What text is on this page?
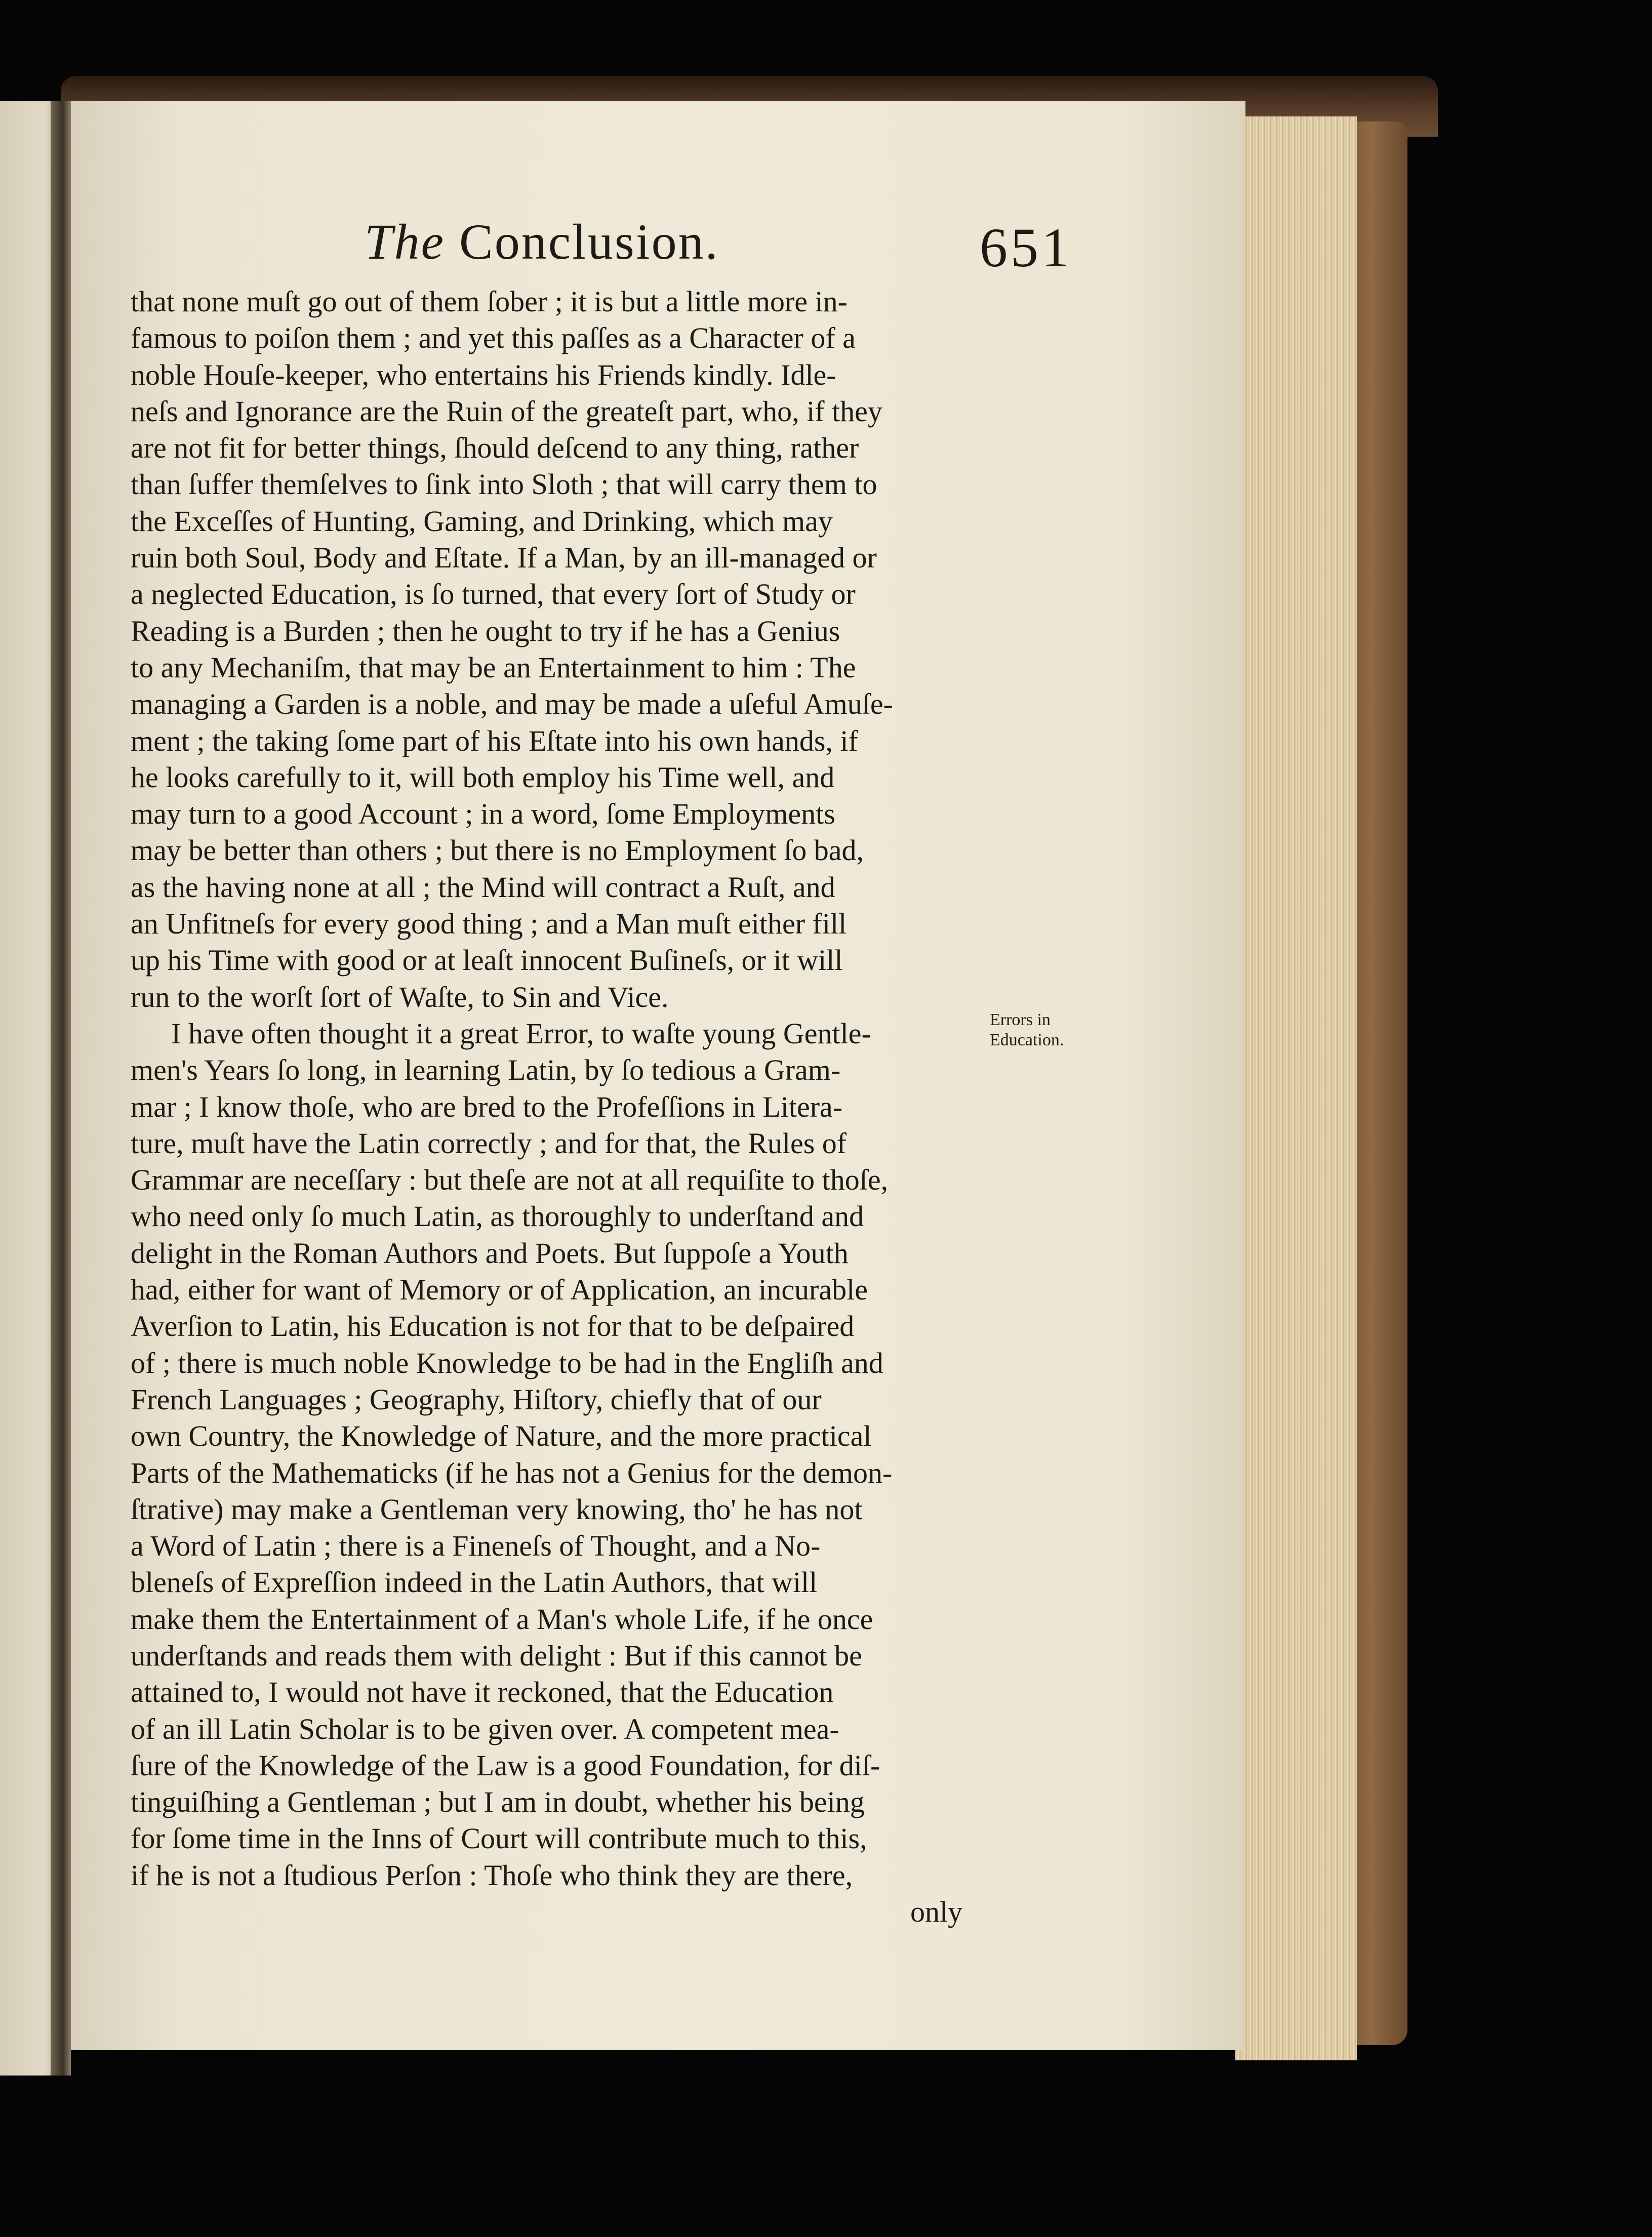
The Conclusion.	651
that none muſt go out of them ſober ; it is but a little more in-
famous to poiſon them ; and yet this paſſes as a Character of a
noble Houſe-keeper, who entertains his Friends kindly. Idle-
neſs and Ignorance are the Ruin of the greateſt part, who, if they
are not fit for better things, ſhould deſcend to any thing, rather
than ſuffer themſelves to ſink into Sloth ; that will carry them to
the Exceſſes of Hunting, Gaming, and Drinking, which may
ruin both Soul, Body and Eſtate. If a Man, by an ill-managed or
a neglected Education, is ſo turned, that every ſort of Study or
Reading is a Burden ; then he ought to try if he has a Genius
to any Mechaniſm, that may be an Entertainment to him : The
managing a Garden is a noble, and may be made a uſeful Amuſe-
ment ; the taking ſome part of his Eſtate into his own hands, if
he looks carefully to it, will both employ his Time well, and
may turn to a good Account ; in a word, ſome Employments
may be better than others ; but there is no Employment ſo bad,
as the having none at all ; the Mind will contract a Ruſt, and
an Unfitneſs for every good thing ; and a Man muſt either fill
up his Time with good or at leaſt innocent Buſineſs, or it will
run to the worſt ſort of Waſte, to Sin and Vice.
I have often thought it a great Error, to waſte young Gentle-
men's Years ſo long, in learning Latin, by ſo tedious a Gram-
mar ; I know thoſe, who are bred to the Profeſſions in Litera-
ture, muſt have the Latin correctly ; and for that, the Rules of
Grammar are neceſſary : but theſe are not at all requiſite to thoſe,
who need only ſo much Latin, as thoroughly to underſtand and
delight in the Roman Authors and Poets. But ſuppoſe a Youth
had, either for want of Memory or of Application, an incurable
Averſion to Latin, his Education is not for that to be deſpaired
of ; there is much noble Knowledge to be had in the Engliſh and
French Languages ; Geography, Hiſtory, chiefly that of our
own Country, the Knowledge of Nature, and the more practical
Parts of the Mathematicks (if he has not a Genius for the demon-
ſtrative) may make a Gentleman very knowing, tho' he has not
a Word of Latin ; there is a Fineneſs of Thought, and a No-
bleneſs of Expreſſion indeed in the Latin Authors, that will
make them the Entertainment of a Man's whole Life, if he once
underſtands and reads them with delight : But if this cannot be
attained to, I would not have it reckoned, that the Education
of an ill Latin Scholar is to be given over. A competent mea-
ſure of the Knowledge of the Law is a good Foundation, for diſ-
tinguiſhing a Gentleman ; but I am in doubt, whether his being
for ſome time in the Inns of Court will contribute much to this,
if he is not a ſtudious Perſon : Thoſe who think they are there,
only
Errors in
Education.
